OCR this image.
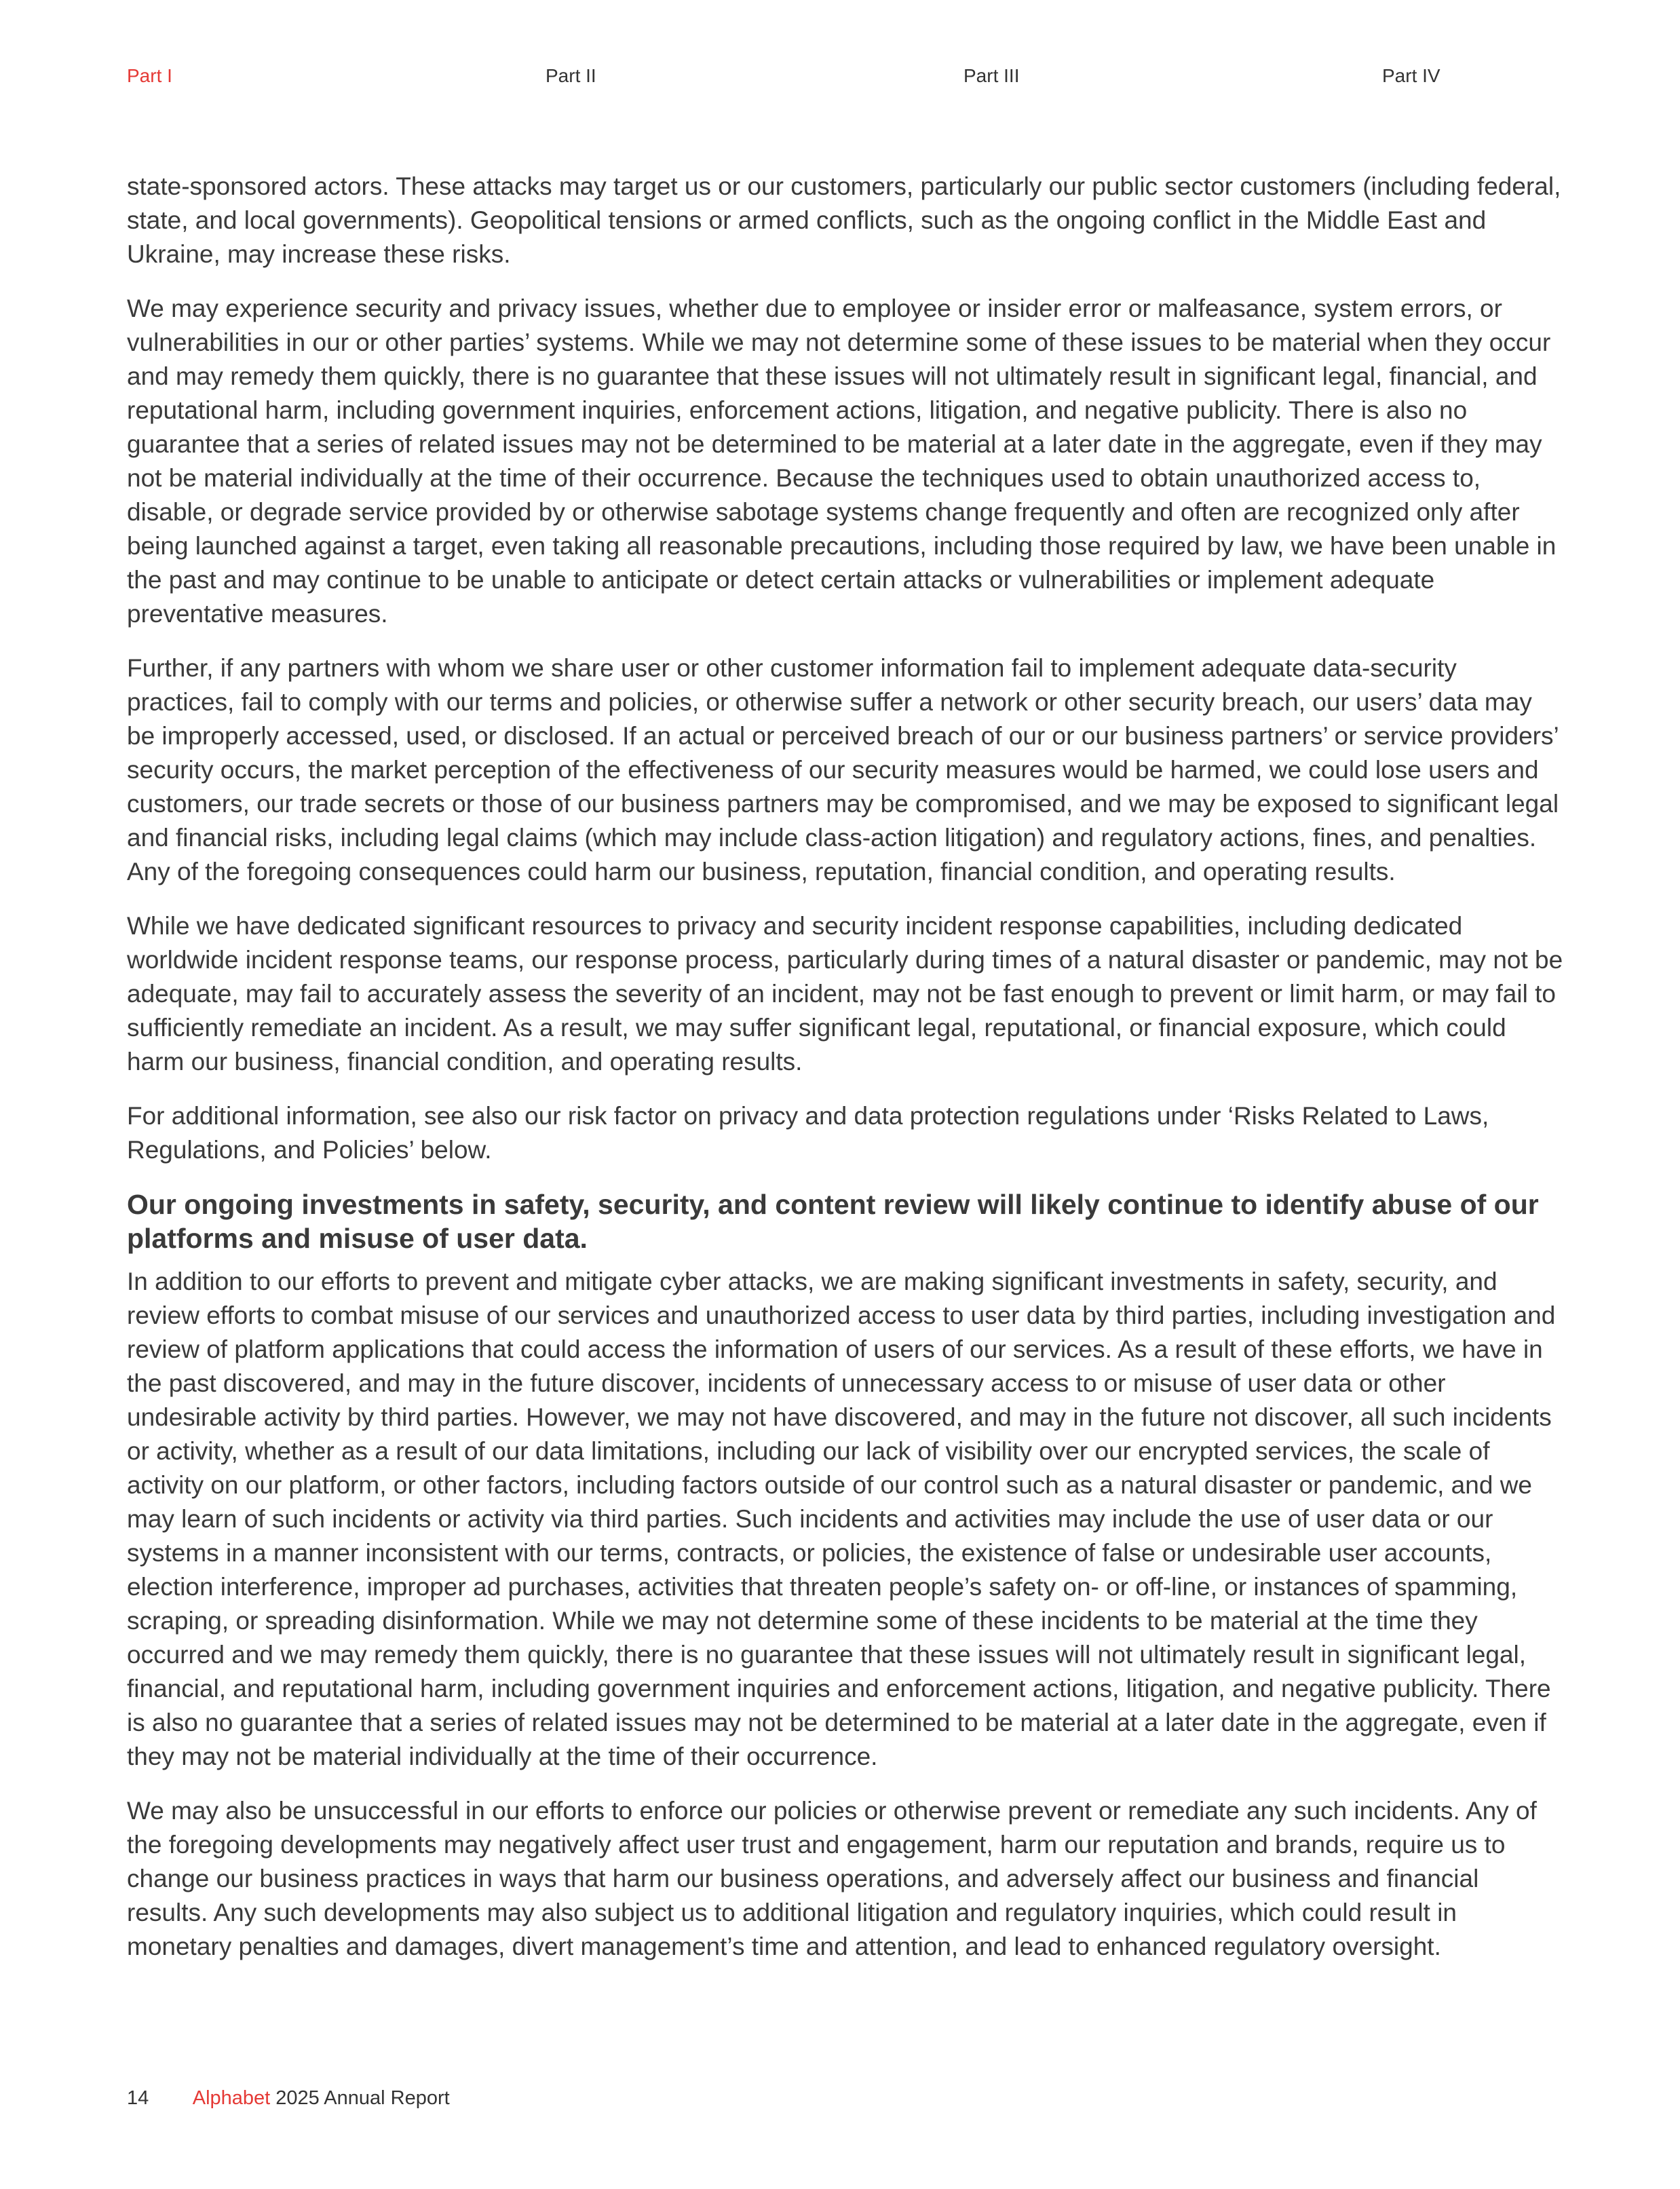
Part I	Part II	Part III	Part IV

state-sponsored actors. These attacks may target us or our customers, particularly our public sector customers (including federal, state, and local governments). Geopolitical tensions or armed conflicts, such as the ongoing conflict in the Middle East and Ukraine, may increase these risks.

We may experience security and privacy issues, whether due to employee or insider error or malfeasance, system errors, or vulnerabilities in our or other parties’ systems. While we may not determine some of these issues to be material when they occur and may remedy them quickly, there is no guarantee that these issues will not ultimately result in significant legal, financial, and reputational harm, including government inquiries, enforcement actions, litigation, and negative publicity. There is also no guarantee that a series of related issues may not be determined to be material at a later date in the aggregate, even if they may not be material individually at the time of their occurrence. Because the techniques used to obtain unauthorized access to, disable, or degrade service provided by or otherwise sabotage systems change frequently and often are recognized only after being launched against a target, even taking all reasonable precautions, including those required by law, we have been unable in the past and may continue to be unable to anticipate or detect certain attacks or vulnerabilities or implement adequate preventative measures.

Further, if any partners with whom we share user or other customer information fail to implement adequate data-security practices, fail to comply with our terms and policies, or otherwise suffer a network or other security breach, our users’ data may be improperly accessed, used, or disclosed. If an actual or perceived breach of our or our business partners’ or service providers’ security occurs, the market perception of the effectiveness of our security measures would be harmed, we could lose users and customers, our trade secrets or those of our business partners may be compromised, and we may be exposed to significant legal and financial risks, including legal claims (which may include class-action litigation) and regulatory actions, fines, and penalties. Any of the foregoing consequences could harm our business, reputation, financial condition, and operating results.

While we have dedicated significant resources to privacy and security incident response capabilities, including dedicated worldwide incident response teams, our response process, particularly during times of a natural disaster or pandemic, may not be adequate, may fail to accurately assess the severity of an incident, may not be fast enough to prevent or limit harm, or may fail to sufficiently remediate an incident. As a result, we may suffer significant legal, reputational, or financial exposure, which could harm our business, financial condition, and operating results.

For additional information, see also our risk factor on privacy and data protection regulations under ‘Risks Related to Laws, Regulations, and Policies’ below.

Our ongoing investments in safety, security, and content review will likely continue to identify abuse of our platforms and misuse of user data.

In addition to our efforts to prevent and mitigate cyber attacks, we are making significant investments in safety, security, and review efforts to combat misuse of our services and unauthorized access to user data by third parties, including investigation and review of platform applications that could access the information of users of our services. As a result of these efforts, we have in the past discovered, and may in the future discover, incidents of unnecessary access to or misuse of user data or other undesirable activity by third parties. However, we may not have discovered, and may in the future not discover, all such incidents or activity, whether as a result of our data limitations, including our lack of visibility over our encrypted services, the scale of activity on our platform, or other factors, including factors outside of our control such as a natural disaster or pandemic, and we may learn of such incidents or activity via third parties. Such incidents and activities may include the use of user data or our systems in a manner inconsistent with our terms, contracts, or policies, the existence of false or undesirable user accounts, election interference, improper ad purchases, activities that threaten people’s safety on- or off-line, or instances of spamming, scraping, or spreading disinformation. While we may not determine some of these incidents to be material at the time they occurred and we may remedy them quickly, there is no guarantee that these issues will not ultimately result in significant legal, financial, and reputational harm, including government inquiries and enforcement actions, litigation, and negative publicity. There is also no guarantee that a series of related issues may not be determined to be material at a later date in the aggregate, even if they may not be material individually at the time of their occurrence.

We may also be unsuccessful in our efforts to enforce our policies or otherwise prevent or remediate any such incidents. Any of the foregoing developments may negatively affect user trust and engagement, harm our reputation and brands, require us to change our business practices in ways that harm our business operations, and adversely affect our business and financial results. Any such developments may also subject us to additional litigation and regulatory inquiries, which could result in monetary penalties and damages, divert management’s time and attention, and lead to enhanced regulatory oversight.

14 Alphabet 2025 Annual Report
